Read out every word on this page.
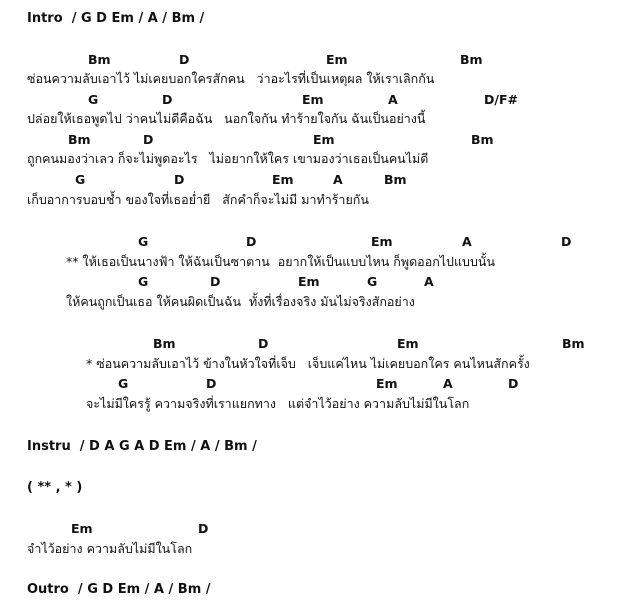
Intro  / G D Em / A / Bm /
Bm	D	Em	Bm
ซ่อนความลับเอาไว้ ไม่เคยบอกใครสักคน   ว่าอะไรที่เป็นเหตุผล ให้เราเลิกกัน
G	D	Em	A	D/F#
ปล่อยให้เธอพูดไป ว่าคนไม่ดีคือฉัน   นอกใจกัน ทำร้ายใจกัน ฉันเป็นอย่างนี้
Bm	D	Em	Bm
ถูกคนมองว่าเลว ก็จะไม่พูดอะไร   ไม่อยากให้ใคร เขามองว่าเธอเป็นคนไม่ดี
G	D	Em	A	Bm
เก็บอาการบอบช้ำ ของใจที่เธอย่ำยี   สักคำก็จะไม่มี มาทำร้ายกัน
G	D	Em	A	D
** ให้เธอเป็นนางฟ้า ให้ฉันเป็นซาตาน  อยากให้เป็นแบบไหน ก็พูดออกไปแบบนั้น
G	D	Em	G	A
ให้คนถูกเป็นเธอ ให้คนผิดเป็นฉัน  ทั้งที่เรื่องจริง มันไม่จริงสักอย่าง
Bm	D	Em	Bm
* ซ่อนความลับเอาไว้ ข้างในหัวใจที่เจ็บ   เจ็บแค่ไหน ไม่เคยบอกใคร คนไหนสักครั้ง
G	D	Em	A	D
จะไม่มีใครรู้ ความจริงที่เราแยกทาง   แต่จำไว้อย่าง ความลับไม่มีในโลก
Instru  / D A G A D Em / A / Bm /
( ** , * )
Em	D
จำไว้อย่าง ความลับไม่มีในโลก
Outro  / G D Em / A / Bm /
